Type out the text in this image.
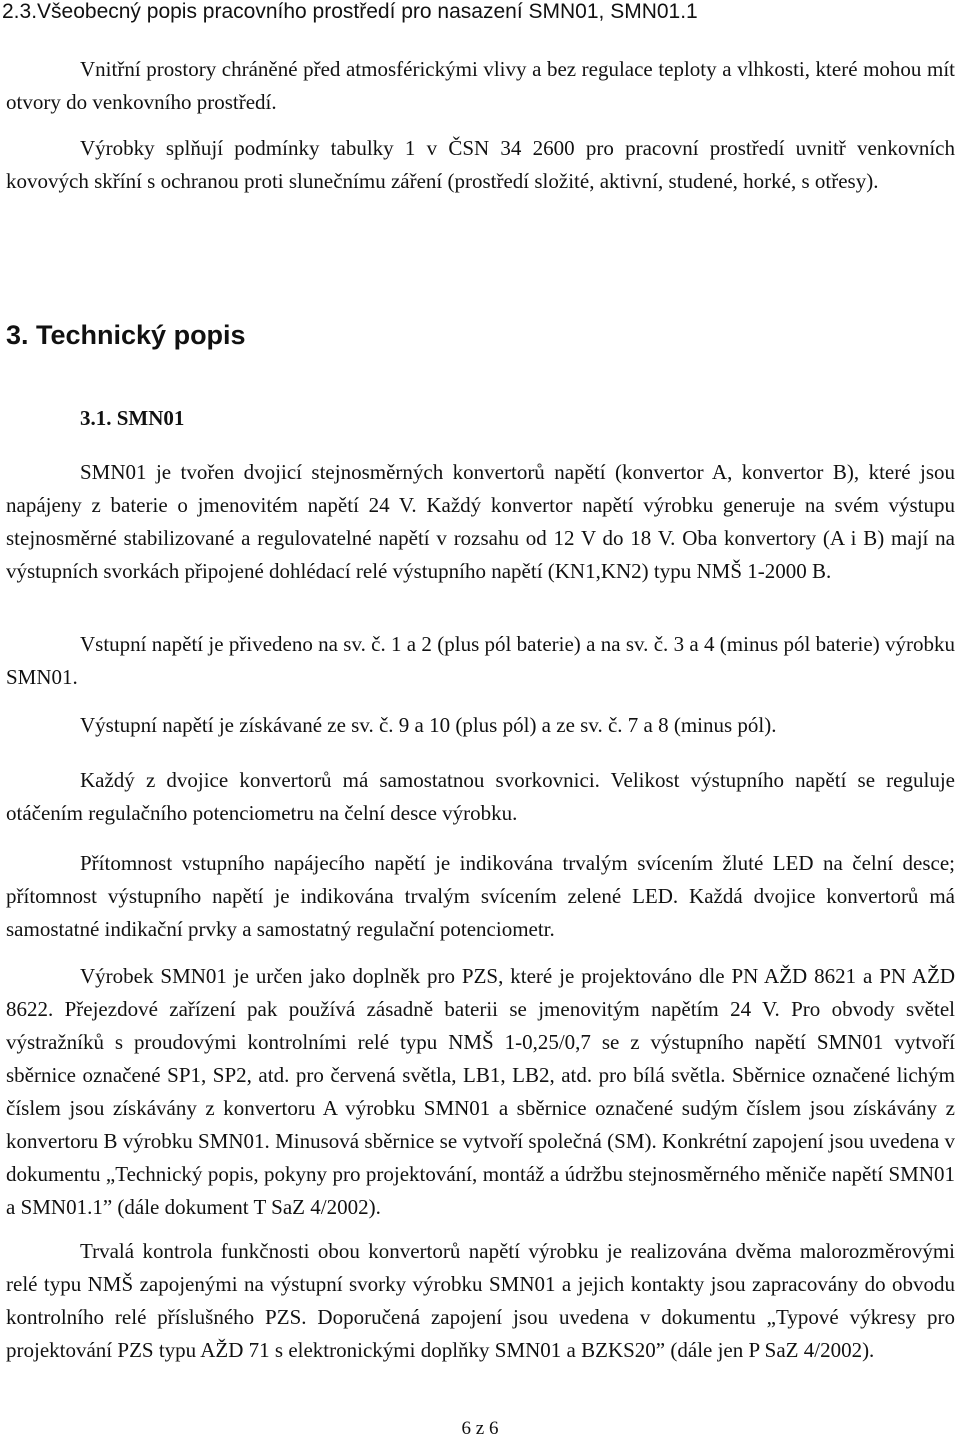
2.3.Všeobecný popis pracovního prostředí pro nasazení SMN01, SMN01.1

Vnitřní prostory chráněné před atmosférickými vlivy a bez regulace teploty a vlhkosti, které mohou mít otvory do venkovního prostředí.

Výrobky splňují podmínky tabulky 1 v ČSN 34 2600 pro pracovní prostředí uvnitř venkovních kovových skříní s ochranou proti slunečnímu záření (prostředí složité, aktivní, studené, horké, s otřesy).

3. Technický popis
3.1. SMN01

SMN01 je tvořen dvojicí stejnosměrných konvertorů napětí (konvertor A, konvertor B), které jsou napájeny z baterie o jmenovitém napětí 24 V. Každý konvertor napětí výrobku generuje na svém výstupu stejnosměrné stabilizované a regulovatelné napětí v rozsahu od 12 V do 18 V. Oba konvertory (A i B) mají na výstupních svorkách připojené dohlédací relé výstupního napětí (KN1,KN2) typu NMŠ 1-2000 B.

Vstupní napětí je přivedeno na sv. č. 1 a 2 (plus pól baterie) a na sv. č. 3 a 4 (minus pól baterie) výrobku SMN01.

Výstupní napětí je získávané ze sv. č. 9 a 10 (plus pól) a ze sv. č. 7 a 8 (minus pól).

Každý z dvojice konvertorů má samostatnou svorkovnici. Velikost výstupního napětí se reguluje otáčením regulačního potenciometru na čelní desce výrobku.

Přítomnost vstupního napájecího napětí je indikována trvalým svícením žluté LED na čelní desce; přítomnost výstupního napětí je indikována trvalým svícením zelené LED. Každá dvojice konvertorů má samostatné indikační prvky a samostatný regulační potenciometr.

Výrobek SMN01 je určen jako doplněk pro PZS, které je projektováno dle PN AŽD 8621 a PN AŽD 8622. Přejezdové zařízení pak používá zásadně baterii se jmenovitým napětím 24 V. Pro obvody světel výstražníků s proudovými kontrolními relé typu NMŠ 1-0,25/0,7 se z výstupního napětí SMN01 vytvoří sběrnice označené SP1, SP2, atd. pro červená světla, LB1, LB2, atd. pro bílá světla. Sběrnice označené lichým číslem jsou získávány z konvertoru A výrobku SMN01 a sběrnice označené sudým číslem jsou získávány z konvertoru B výrobku SMN01. Minusová sběrnice se vytvoří společná (SM). Konkrétní zapojení jsou uvedena v dokumentu „Technický popis, pokyny pro projektování, montáž a údržbu stejnosměrného měniče napětí SMN01 a SMN01.1” (dále dokument T SaZ 4/2002).

Trvalá kontrola funkčnosti obou konvertorů napětí výrobku je realizována dvěma malorozměrovými relé typu NMŠ zapojenými na výstupní svorky výrobku SMN01 a jejich kontakty jsou zapracovány do obvodu kontrolního relé příslušného PZS. Doporučená zapojení jsou uvedena v dokumentu „Typové výkresy pro projektování PZS typu AŽD 71 s elektronickými doplňky SMN01 a BZKS20” (dále jen P SaZ 4/2002).

6 z 6
